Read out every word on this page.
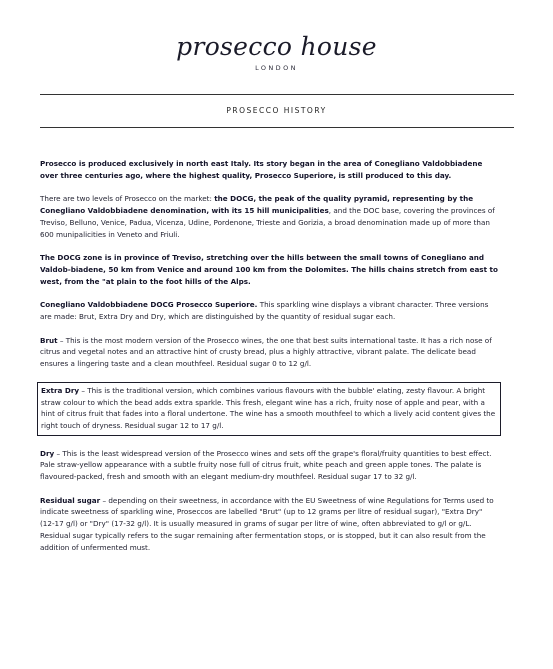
prosecco house
LONDON
PROSECCO HISTORY

Prosecco is produced exclusively in north east Italy. Its story began in the area of Conegliano Valdobbiadene over three centuries ago, where the highest quality, Prosecco Superiore, is still produced to this day.

There are two levels of Prosecco on the market: the DOCG, the peak of the quality pyramid, representing by the Conegliano Valdobbiadene denomination, with its 15 hill municipalities, and the DOC base, covering the provinces of Treviso, Belluno, Venice, Padua, Vicenza, Udine, Pordenone, Trieste and Gorizia, a broad denomination made up of more than 600 munipalicities in Veneto and Friuli.

The DOCG zone is in province of Treviso, stretching over the hills between the small towns of Conegliano and Valdob-biadene, 50 km from Venice and around 100 km from the Dolomites. The hills chains stretch from east to west, from the "at plain to the foot hills of the Alps.

Conegliano Valdobbiadene DOCG Prosecco Superiore. This sparkling wine displays a vibrant character. Three versions are made: Brut, Extra Dry and Dry, which are distinguished by the quantity of residual sugar each.

Brut – This is the most modern version of the Prosecco wines, the one that best suits international taste. It has a rich nose of citrus and vegetal notes and an attractive hint of crusty bread, plus a highly attractive, vibrant palate. The delicate bead ensures a lingering taste and a clean mouthfeel. Residual sugar 0 to 12 g/l.

Extra Dry – This is the traditional version, which combines various flavours with the bubble' elating, zesty flavour. A bright straw colour to which the bead adds extra sparkle. This fresh, elegant wine has a rich, fruity nose of apple and pear, with a hint of citrus fruit that fades into a floral undertone. The wine has a smooth mouthfeel to which a lively acid content gives the right touch of dryness. Residual sugar 12 to 17 g/l.

Dry – This is the least widespread version of the Prosecco wines and sets off the grape's floral/fruity quantities to best effect. Pale straw-yellow appearance with a subtle fruity nose full of citrus fruit, white peach and green apple tones. The palate is flavoured-packed, fresh and smooth with an elegant medium-dry mouthfeel. Residual sugar 17 to 32 g/l.

Residual sugar – depending on their sweetness, in accordance with the EU Sweetness of wine Regulations for Terms used to indicate sweetness of sparkling wine, Proseccos are labelled "Brut" (up to 12 grams per litre of residual sugar), "Extra Dry" (12-17 g/l) or "Dry" (17-32 g/l). It is usually measured in grams of sugar per litre of wine, often abbreviated to g/l or g/L. Residual sugar typically refers to the sugar remaining after fermentation stops, or is stopped, but it can also result from the addition of unfermented must.
